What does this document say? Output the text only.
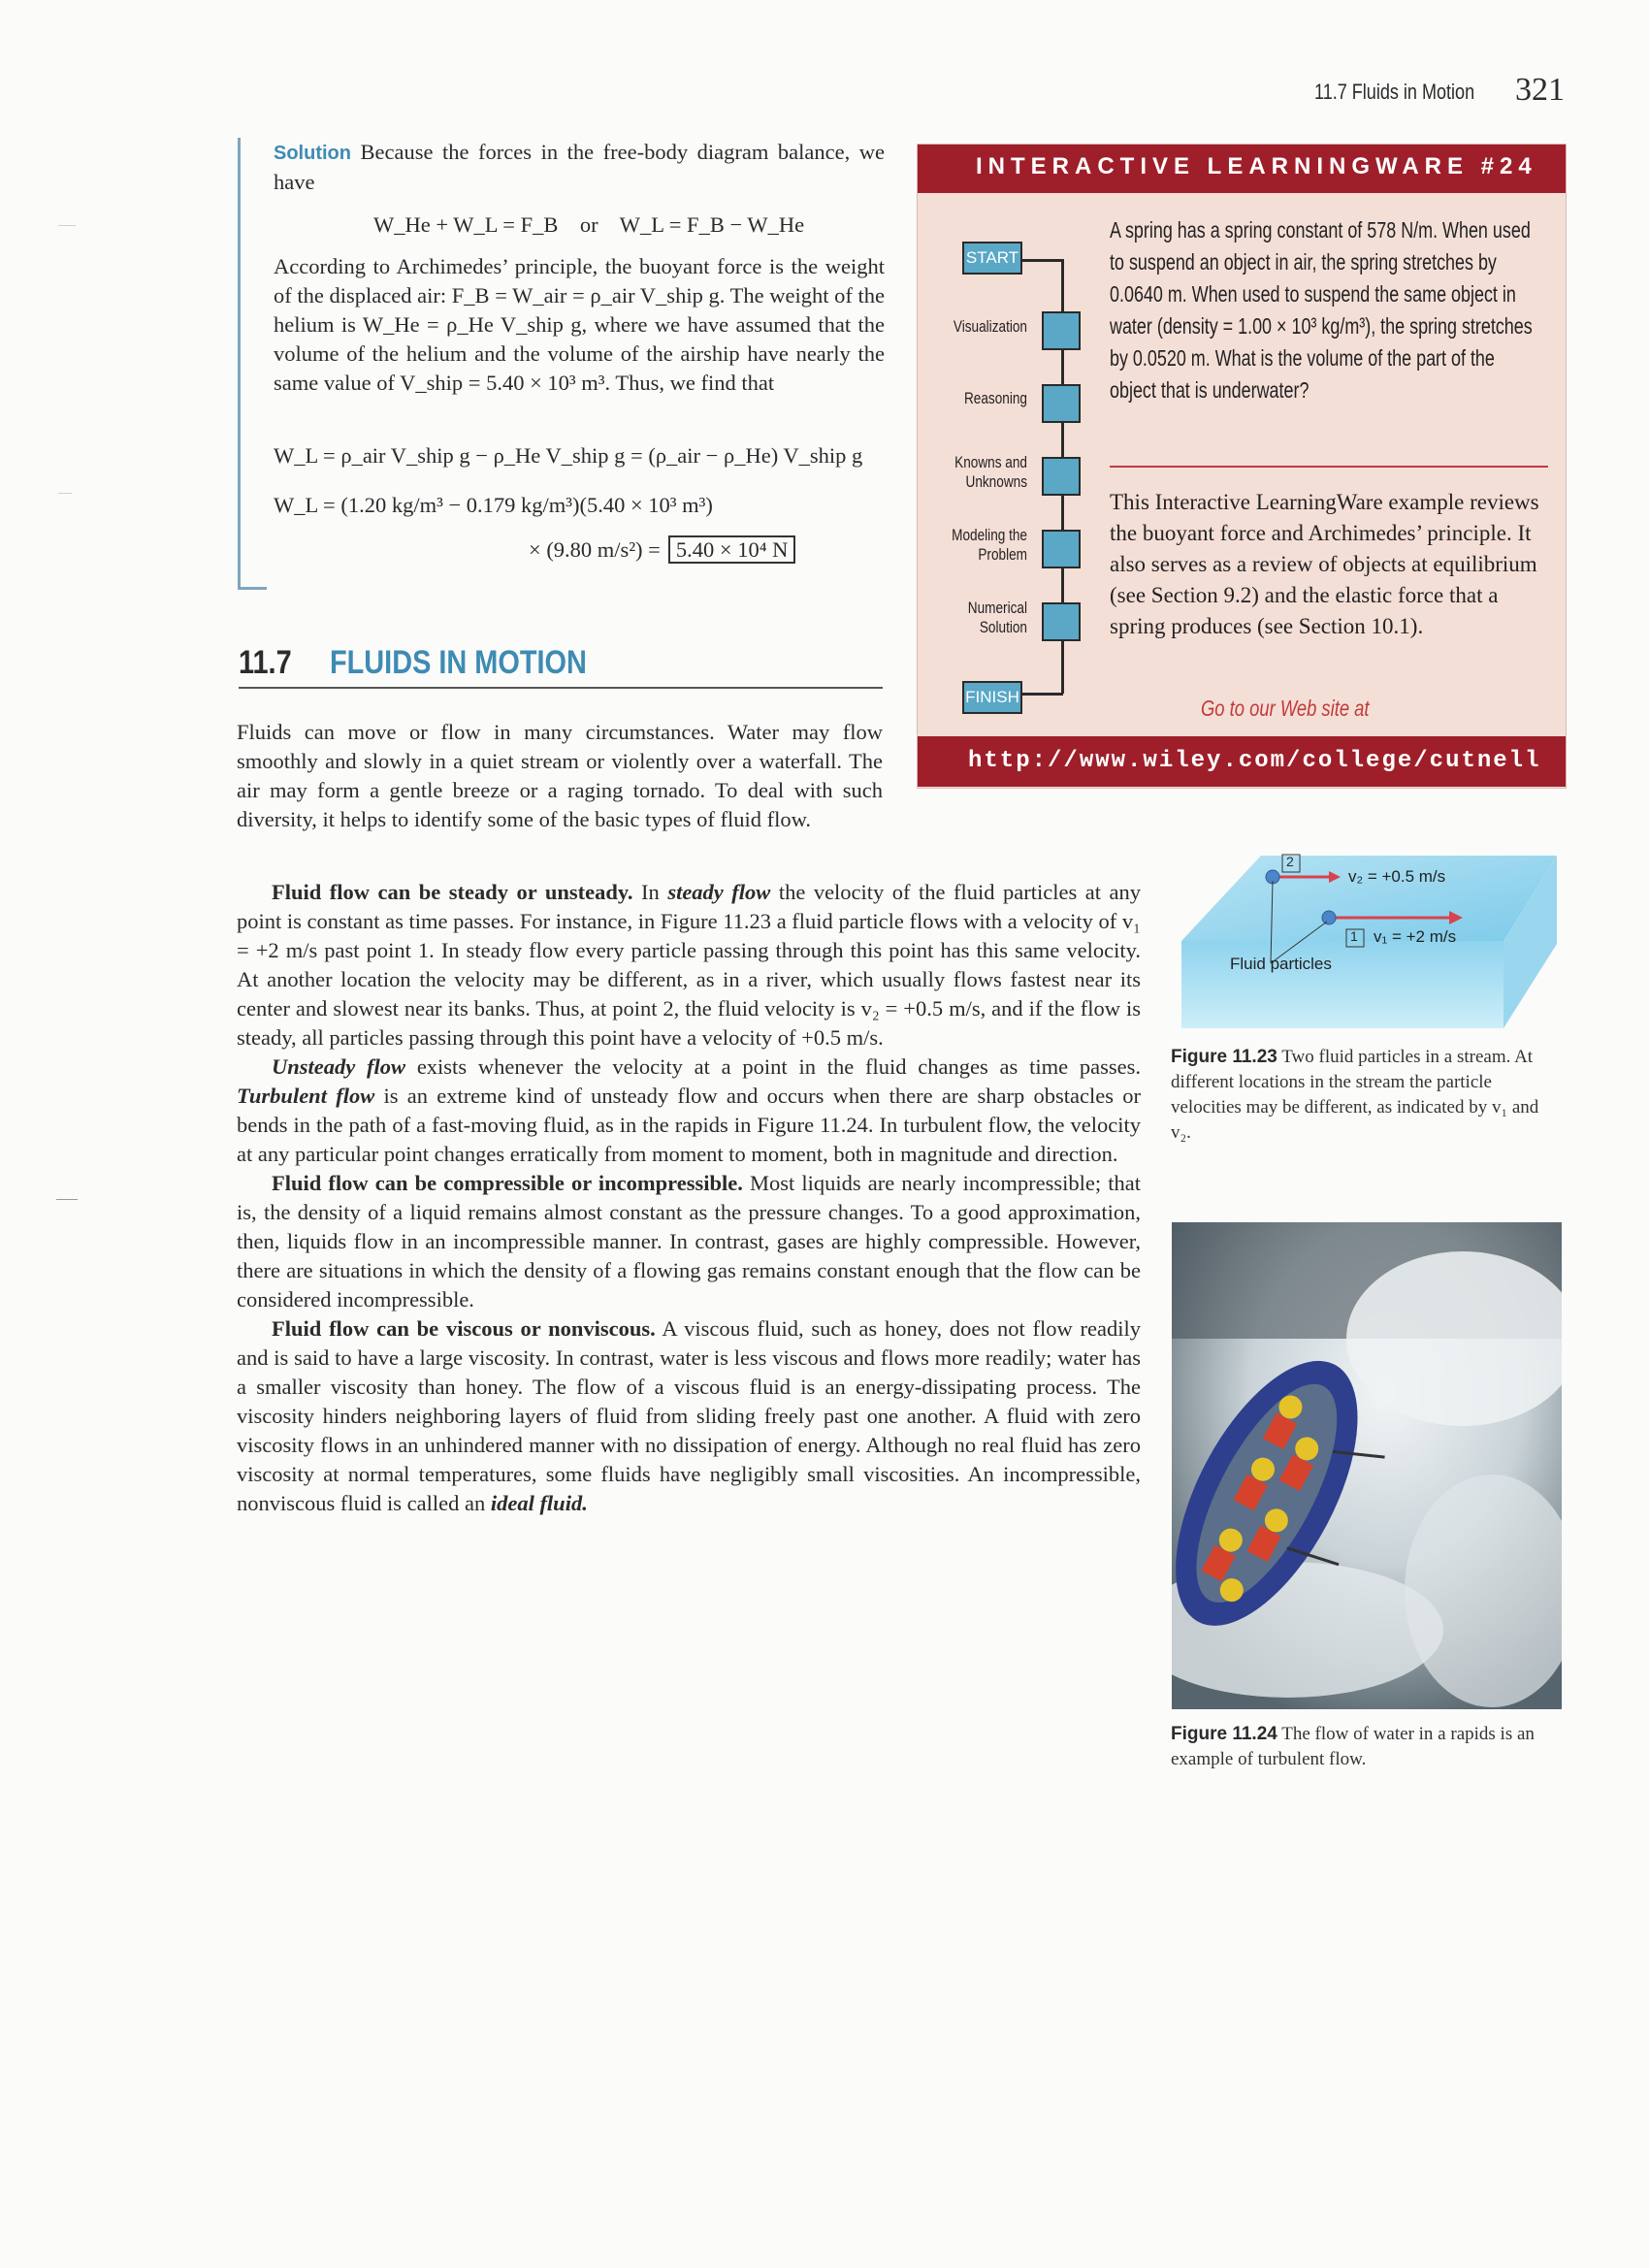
11.7 Fluids in Motion 321
Solution Because the forces in the free-body diagram balance, we have
W_He + W_L = F_B or W_L = F_B − W_He
According to Archimedes’ principle, the buoyant force is the weight of the displaced air: F_B = W_air = ρ_air V_ship g. The weight of the helium is W_He = ρ_He V_ship g, where we have assumed that the volume of the helium and the volume of the airship have nearly the same value of V_ship = 5.40 × 10³ m³. Thus, we find that
W_L = ρ_air V_ship g − ρ_He V_ship g = (ρ_air − ρ_He) V_ship g
W_L = (1.20 kg/m³ − 0.179 kg/m³)(5.40 × 10³ m³)
× (9.80 m/s²) = 5.40 × 10⁴ N
11.7 FLUIDS IN MOTION
Fluids can move or flow in many circumstances. Water may flow smoothly and slowly in a quiet stream or violently over a waterfall. The air may form a gentle breeze or a raging tornado. To deal with such diversity, it helps to identify some of the basic types of fluid flow.

Fluid flow can be steady or unsteady. In steady flow the velocity of the fluid particles at any point is constant as time passes. For instance, in Figure 11.23 a fluid particle flows with a velocity of v₁ = +2 m/s past point 1. In steady flow every particle passing through this point has this same velocity. At another location the velocity may be different, as in a river, which usually flows fastest near its center and slowest near its banks. Thus, at point 2, the fluid velocity is v₂ = +0.5 m/s, and if the flow is steady, all particles passing through this point have a velocity of +0.5 m/s.

Unsteady flow exists whenever the velocity at a point in the fluid changes as time passes. Turbulent flow is an extreme kind of unsteady flow and occurs when there are sharp obstacles or bends in the path of a fast-moving fluid, as in the rapids in Figure 11.24. In turbulent flow, the velocity at any particular point changes erratically from moment to moment, both in magnitude and direction.

Fluid flow can be compressible or incompressible. Most liquids are nearly incompressible; that is, the density of a liquid remains almost constant as the pressure changes. To a good approximation, then, liquids flow in an incompressible manner. In contrast, gases are highly compressible. However, there are situations in which the density of a flowing gas remains constant enough that the flow can be considered incompressible.

Fluid flow can be viscous or nonviscous. A viscous fluid, such as honey, does not flow readily and is said to have a large viscosity. In contrast, water is less viscous and flows more readily; water has a smaller viscosity than honey. The flow of a viscous fluid is an energy-dissipating process. The viscosity hinders neighboring layers of fluid from sliding freely past one another. A fluid with zero viscosity flows in an unhindered manner with no dissipation of energy. Although no real fluid has zero viscosity at normal temperatures, some fluids have negligibly small viscosities. An incompressible, nonviscous fluid is called an ideal fluid.

INTERACTIVE LEARNINGWARE #24
START
FINISH
Visualization
Reasoning
Knowns and Unknowns
Modeling the Problem
Numerical Solution
A spring has a spring constant of 578 N/m. When used to suspend an object in air, the spring stretches by 0.0640 m. When used to suspend the same object in water (density = 1.00 × 10³ kg/m³), the spring stretches by 0.0520 m. What is the volume of the part of the object that is underwater?
This Interactive LearningWare example reviews the buoyant force and Archimedes’ principle. It also serves as a review of objects at equilibrium (see Section 9.2) and the elastic force that a spring produces (see Section 10.1).
Go to our Web site at
http://www.wiley.com/college/cutnell
2
1
v₂ = +0.5 m/s
v₁ = +2 m/s
Fluid particles
Figure 11.23 Two fluid particles in a stream. At different locations in the stream the particle velocities may be different, as indicated by v₁ and v₂.
Figure 11.24 The flow of water in a rapids is an example of turbulent flow.
